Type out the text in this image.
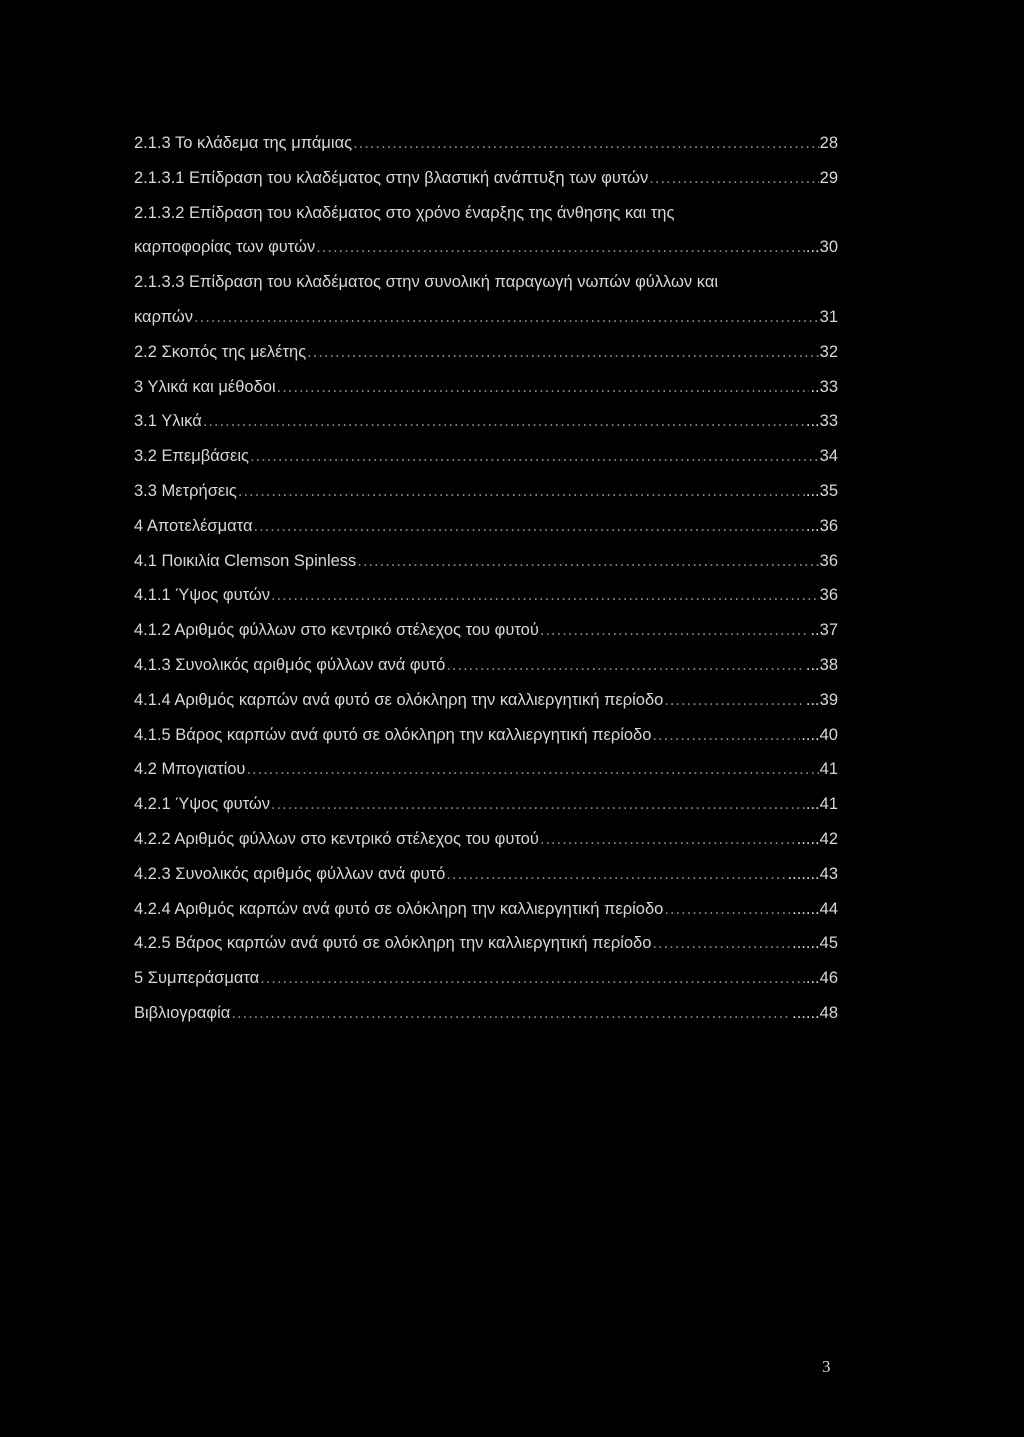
2.1.3 Το κλάδεμα της μπάμιας .....	28
2.1.3.1 Επίδραση του κλαδέματος στην βλαστική ανάπτυξη των φυτών .....	29
2.1.3.2 Επίδραση του κλαδέματος στο χρόνο έναρξης της άνθησης και της
καρποφορίας των φυτών .....	...30
2.1.3.3 Επίδραση του κλαδέματος στην συνολική παραγωγή νωπών φύλλων και
καρπών .....	31
2.2 Σκοπός της μελέτης .....	32
3 Υλικά και μέθοδοι .....	..33
3.1 Υλικά .....	...33
3.2 Επεμβάσεις .....	34
3.3 Μετρήσεις .....	...35
4 Αποτελέσματα .....	...36
4.1 Ποικιλία Clemson Spinless .....	36
4.1.1 Ύψος φυτών .....	36
4.1.2 Αριθμός φύλλων στο κεντρικό στέλεχος του φυτού .....	..37
4.1.3 Συνολικός αριθμός φύλλων ανά φυτό .....	...38
4.1.4 Αριθμός καρπών ανά φυτό σε ολόκληρη την καλλιεργητική περίοδο .....	...39
4.1.5 Βάρος καρπών ανά φυτό σε ολόκληρη την καλλιεργητική περίοδο .....	....40
4.2 Μπογιατίου .....	41
4.2.1 Ύψος φυτών .....	...41
4.2.2 Αριθμός φύλλων στο κεντρικό στέλεχος του φυτού .....	.....42
4.2.3 Συνολικός αριθμός φύλλων ανά φυτό .....	.......43
4.2.4 Αριθμός καρπών ανά φυτό σε ολόκληρη την καλλιεργητική περίοδο .....	......44
4.2.5 Βάρος καρπών ανά φυτό σε ολόκληρη την καλλιεργητική περίοδο .....	......45
5 Συμπεράσματα .....	...46
Βιβλιογραφία .....	......48
3
